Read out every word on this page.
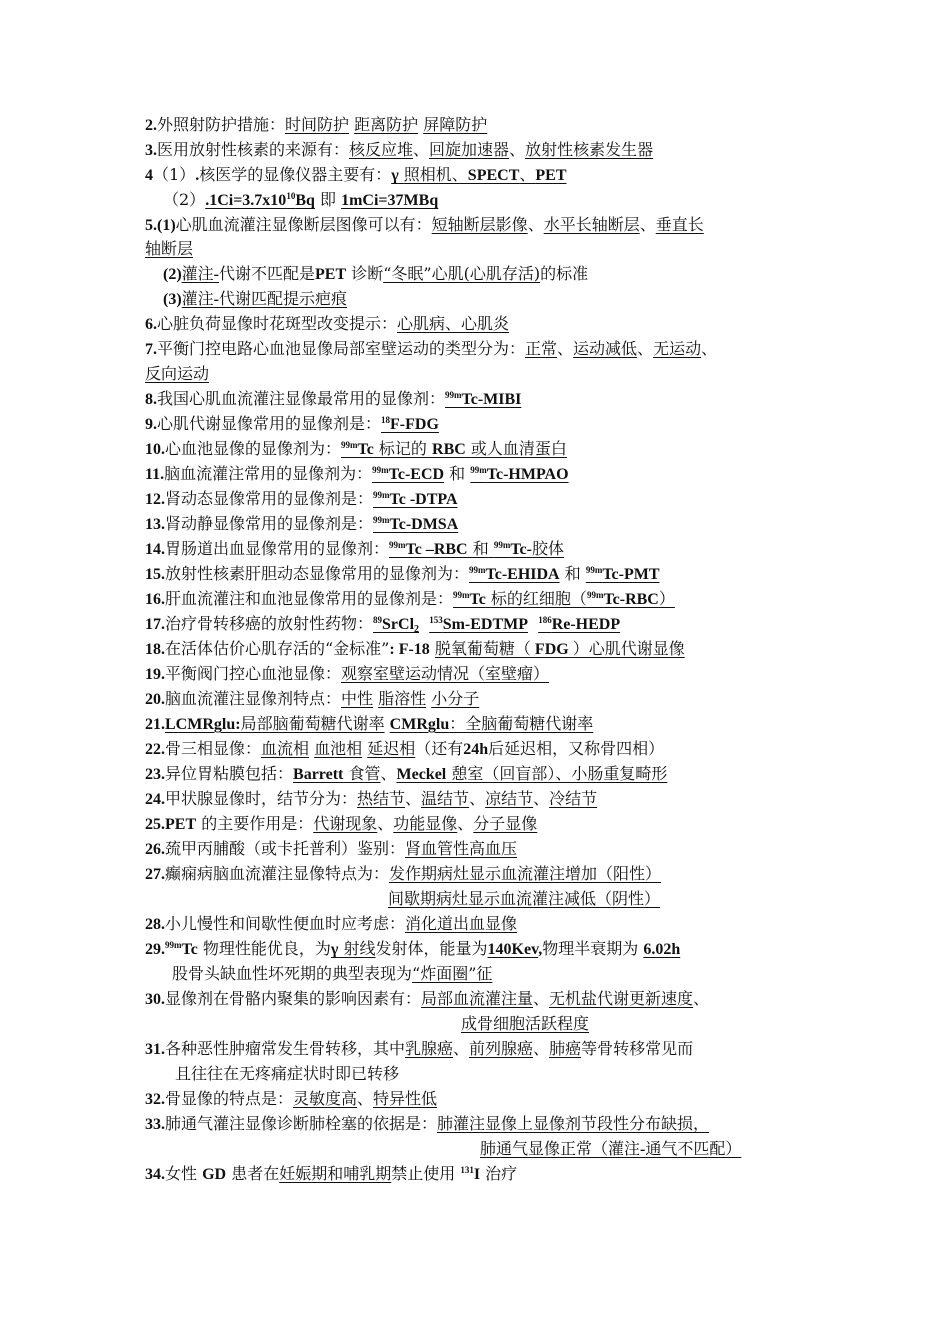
2.外照射防护措施：时间防护 距离防护 屏障防护
3.医用放射性核素的来源有：核反应堆、回旋加速器、放射性核素发生器
4（1）.核医学的显像仪器主要有：γ 照相机、SPECT、PET
$(2).1Ci=3.7x10^{10}Bq$ 即 1mCi=37MBq
5.(1)心肌血流灌注显像断层图像可以有：短轴断层影像、水平长轴断层、垂直长
轴断层
(2)灌注-代谢不匹配是PET 诊断“冬眠”心肌(心肌存活)的标准
(3)灌注-代谢匹配提示疤痕
6.心脏负荷显像时花斑型改变提示：心肌病、心肌炎
7.平衡门控电路心血池显像局部室壁运动的类型分为：正常、运动减低、无运动、
反向运动
8.我国心肌血流灌注显像最常用的显像剂：$^{99m}$Tc-MIBI
9.心肌代谢显像常用的显像剂是：$^{18}$F-FDG
10.心血池显像的显像剂为：$^{99m}$Tc 标记的 RBC 或人血清蛋白
11.脑血流灌注常用的显像剂为：$^{99m}$Tc-ECD 和 $^{99m}$Tc-HMPAO
12.肾动态显像常用的显像剂是：$^{99m}$Tc -DTPA
13.肾动静显像常用的显像剂是：$^{99m}$Tc-DMSA
14.胃肠道出血显像常用的显像剂：$^{99m}$Tc –RBC 和 $^{99m}$Tc-胶体
15.放射性核素肝胆动态显像常用的显像剂为：$^{99m}$Tc-EHIDA 和 $^{99m}$Tc-PMT
16.肝血流灌注和血池显像常用的显像剂是：$^{99m}$Tc 标的红细胞（$^{99m}$Tc-RBC）
17.治疗骨转移癌的放射性药物：$^{89}$SrCl$_2$  $^{153}$Sm-EDTMP $^{186}$Re-HEDP
18.在活体估价心肌存活的“金标准”: F-18 脱氧葡萄糖（ FDG ）心肌代谢显像
19.平衡阀门控心血池显像：观察室壁运动情况（室壁瘤）
20.脑血流灌注显像剂特点：中性 脂溶性 小分子
21.LCMRglu:局部脑葡萄糖代谢率 CMRglu：全脑葡萄糖代谢率
22.骨三相显像：血流相 血池相 延迟相（还有24h后延迟相，又称骨四相）
23.异位胃粘膜包括：Barrett 食管、Meckel 憩室（回盲部）、小肠重复畸形
24.甲状腺显像时，结节分为：热结节、温结节、凉结节、冷结节
25.PET 的主要作用是：代谢现象、功能显像、分子显像
26.巯甲丙脯酸（或卡托普利）鉴别：肾血管性高血压
27.癫痫病脑血流灌注显像特点为：发作期病灶显示血流灌注增加（阳性）
间歇期病灶显示血流灌注减低（阴性）
28.小儿慢性和间歇性便血时应考虑：消化道出血显像
29.$^{99m}$Tc 物理性能优良，为γ 射线发射体，能量为140Kev,物理半衰期为 6.02h
股骨头缺血性坏死期的典型表现为“炸面圈”征
30.显像剂在骨骼内聚集的影响因素有：局部血流灌注量、无机盐代谢更新速度、
成骨细胞活跃程度
31.各种恶性肿瘤常发生骨转移，其中乳腺癌、前列腺癌、肺癌等骨转移常见而
且往往在无疼痛症状时即已转移
32.骨显像的特点是：灵敏度高、特异性低
33.肺通气灌注显像诊断肺栓塞的依据是：肺灌注显像上显像剂节段性分布缺损，
肺通气显像正常（灌注-通气不匹配）
34.女性 GD 患者在妊娠期和哺乳期禁止使用 $^{131}$I 治疗
